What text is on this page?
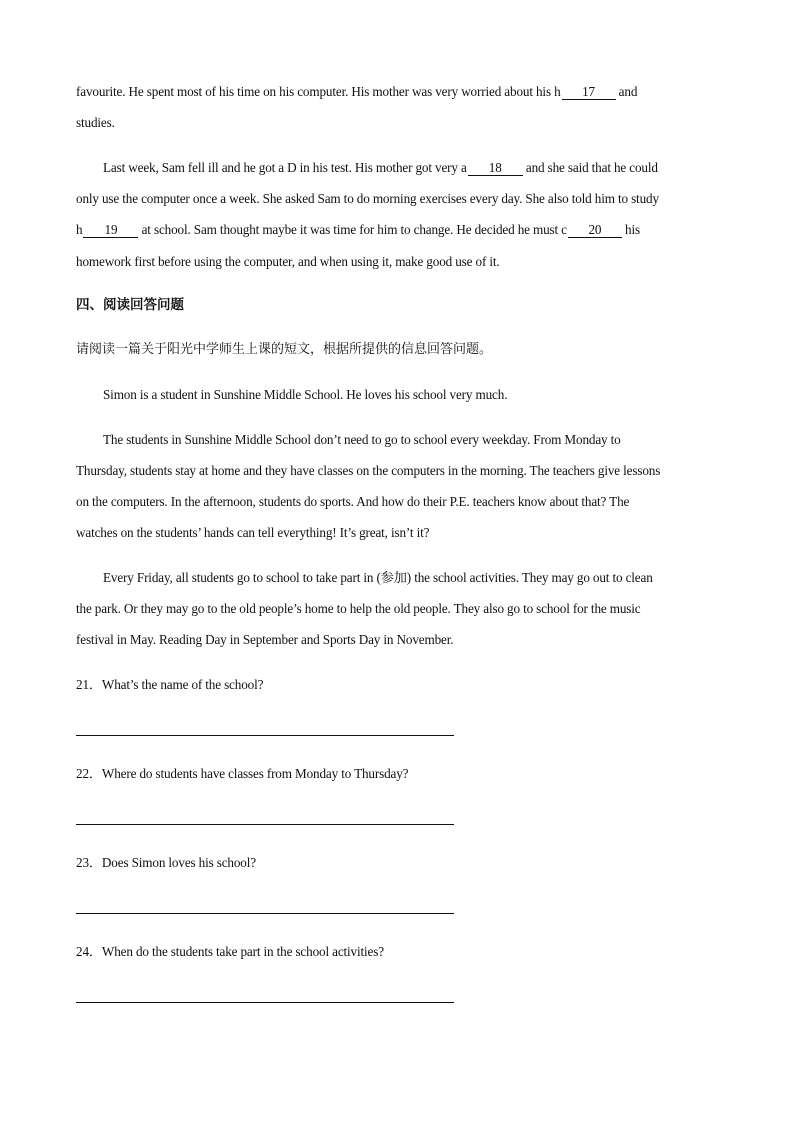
favourite. He spent most of his time on his computer. His mother was very worried about his h 17 and
studies.
Last week, Sam fell ill and he got a D in his test. His mother got very a 18 and she said that he could
only use the computer once a week. She asked Sam to do morning exercises every day. She also told him to study
h 19 at school. Sam thought maybe it was time for him to change. He decided he must c 20 his
homework first before using the computer, and when using it, make good use of it.
四、阅读回答问题
请阅读一篇关于阳光中学师生上课的短文，根据所提供的信息回答问题。
Simon is a student in Sunshine Middle School. He loves his school very much.
The students in Sunshine Middle School don’t need to go to school every weekday. From Monday to
Thursday, students stay at home and they have classes on the computers in the morning. The teachers give lessons
on the computers. In the afternoon, students do sports. And how do their P.E. teachers know about that? The
watches on the students’ hands can tell everything! It’s great, isn’t it?
Every Friday, all students go to school to take part in (参加) the school activities. They may go out to clean
the park. Or they may go to the old people’s home to help the old people. They also go to school for the music
festival in May. Reading Day in September and Sports Day in November.
21．What’s the name of the school?
22．Where do students have classes from Monday to Thursday?
23．Does Simon loves his school?
24．When do the students take part in the school activities?
